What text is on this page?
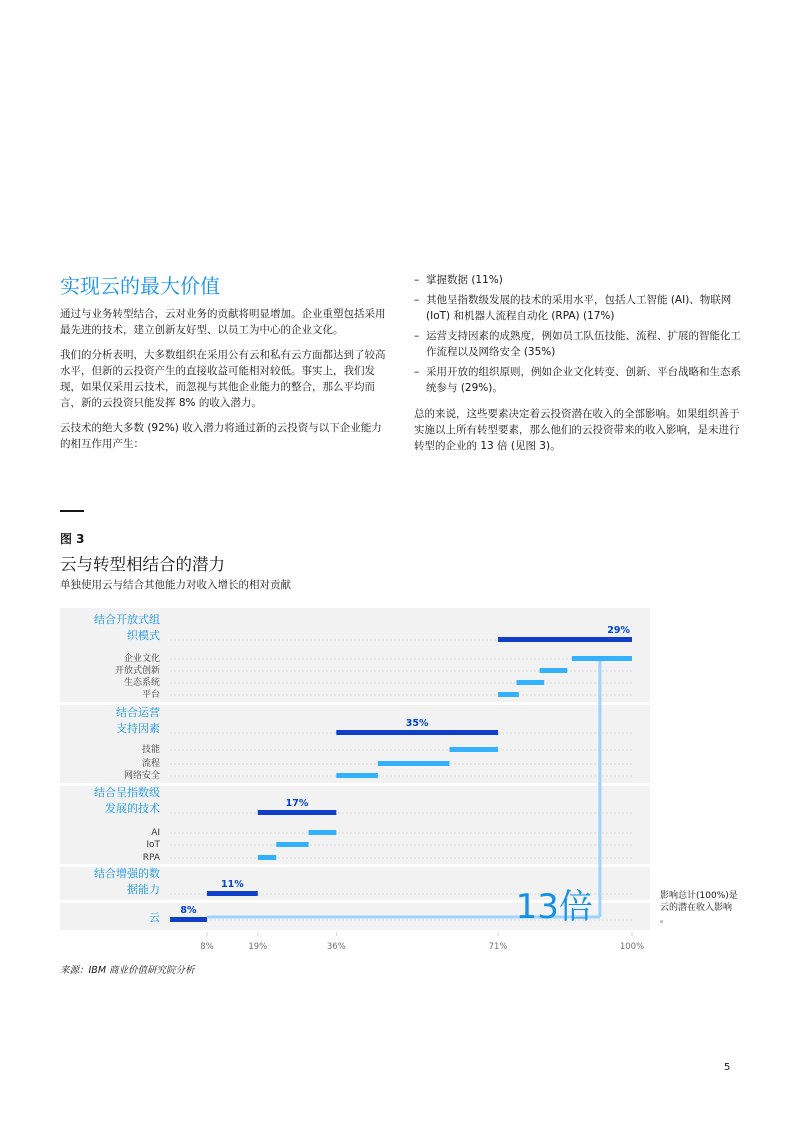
实现云的最大价值

通过与业务转型结合，云对业务的贡献将明显增加。企业重塑包括采用最先进的技术，建立创新友好型、以员工为中心的企业文化。

我们的分析表明，大多数组织在采用公有云和私有云方面都达到了较高水平，但新的云投资产生的直接收益可能相对较低。事实上，我们发现，如果仅采用云技术，而忽视与其他企业能力的整合，那么平均而言，新的云投资只能发挥 8% 的收入潜力。

云技术的绝大多数 (92%) 收入潜力将通过新的云投资与以下企业能力的相互作用产生：

– 掌握数据 (11%)
– 其他呈指数级发展的技术的采用水平，包括人工智能 (AI)、物联网 (IoT) 和机器人流程自动化 (RPA) (17%)
– 运营支持因素的成熟度，例如员工队伍技能、流程、扩展的智能化工作流程以及网络安全 (35%)
– 采用开放的组织原则，例如企业文化转变、创新、平台战略和生态系统参与 (29%)。

总的来说，这些要素决定着云投资潜在收入的全部影响。如果组织善于实施以上所有转型要素，那么他们的云投资带来的收入影响，是未进行转型的企业的 13 倍 (见图 3)。

图 3
云与转型相结合的潜力
单独使用云与结合其他能力对收入增长的相对贡献
结合开放式组
织模式	29%
企业文化
开放式创新
生态系统
平台
结合运营
支持因素	35%
技能
流程
网络安全
结合呈指数级
发展的技术	17%
AI
IoT
RPA
结合增强的数
据能力	11%
云
8%	13倍	影响总计(100%)是
云的潜在收入影响
。
8%	19%	36%	71%	100%
来源：IBM 商业价值研究院分析
5
